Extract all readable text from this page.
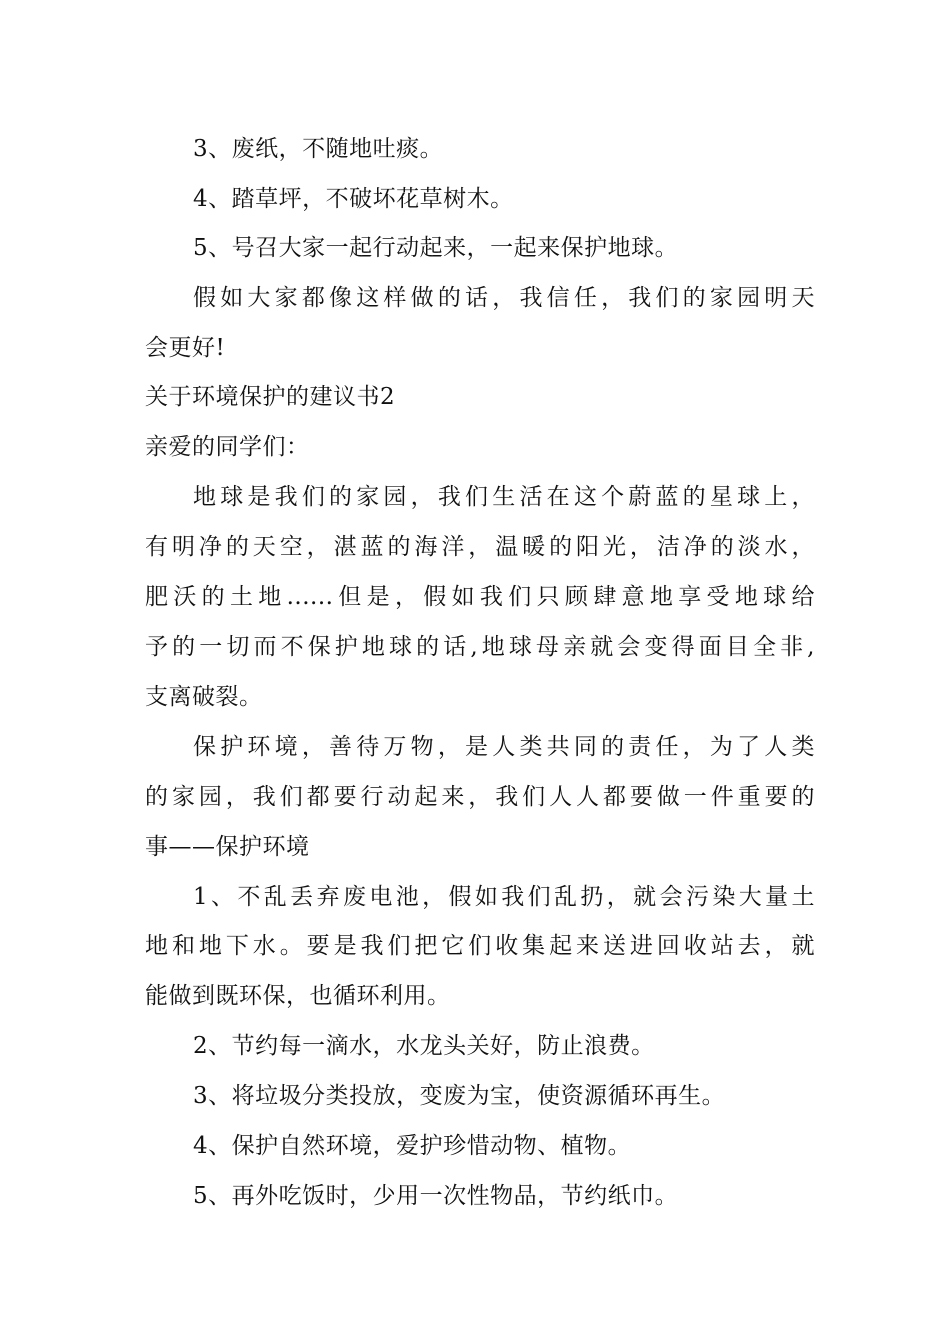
3、废纸，不随地吐痰。
4、踏草坪，不破坏花草树木。
5、号召大家一起行动起来，一起来保护地球。
假如大家都像这样做的话，我信任，我们的家园明天
会更好!
关于环境保护的建议书2
亲爱的同学们：
地球是我们的家园，我们生活在这个蔚蓝的星球上，
有明净的天空，湛蓝的海洋，温暖的阳光，洁净的淡水，
肥沃的土地......但是，假如我们只顾肆意地享受地球给
予的一切而不保护地球的话,地球母亲就会变得面目全非,
支离破裂。
保护环境，善待万物，是人类共同的责任，为了人类
的家园，我们都要行动起来，我们人人都要做一件重要的
事——保护环境
1、不乱丢弃废电池，假如我们乱扔，就会污染大量土
地和地下水。要是我们把它们收集起来送进回收站去，就
能做到既环保，也循环利用。
2、节约每一滴水，水龙头关好，防止浪费。
3、将垃圾分类投放，变废为宝，使资源循环再生。
4、保护自然环境，爱护珍惜动物、植物。
5、再外吃饭时，少用一次性物品，节约纸巾。
